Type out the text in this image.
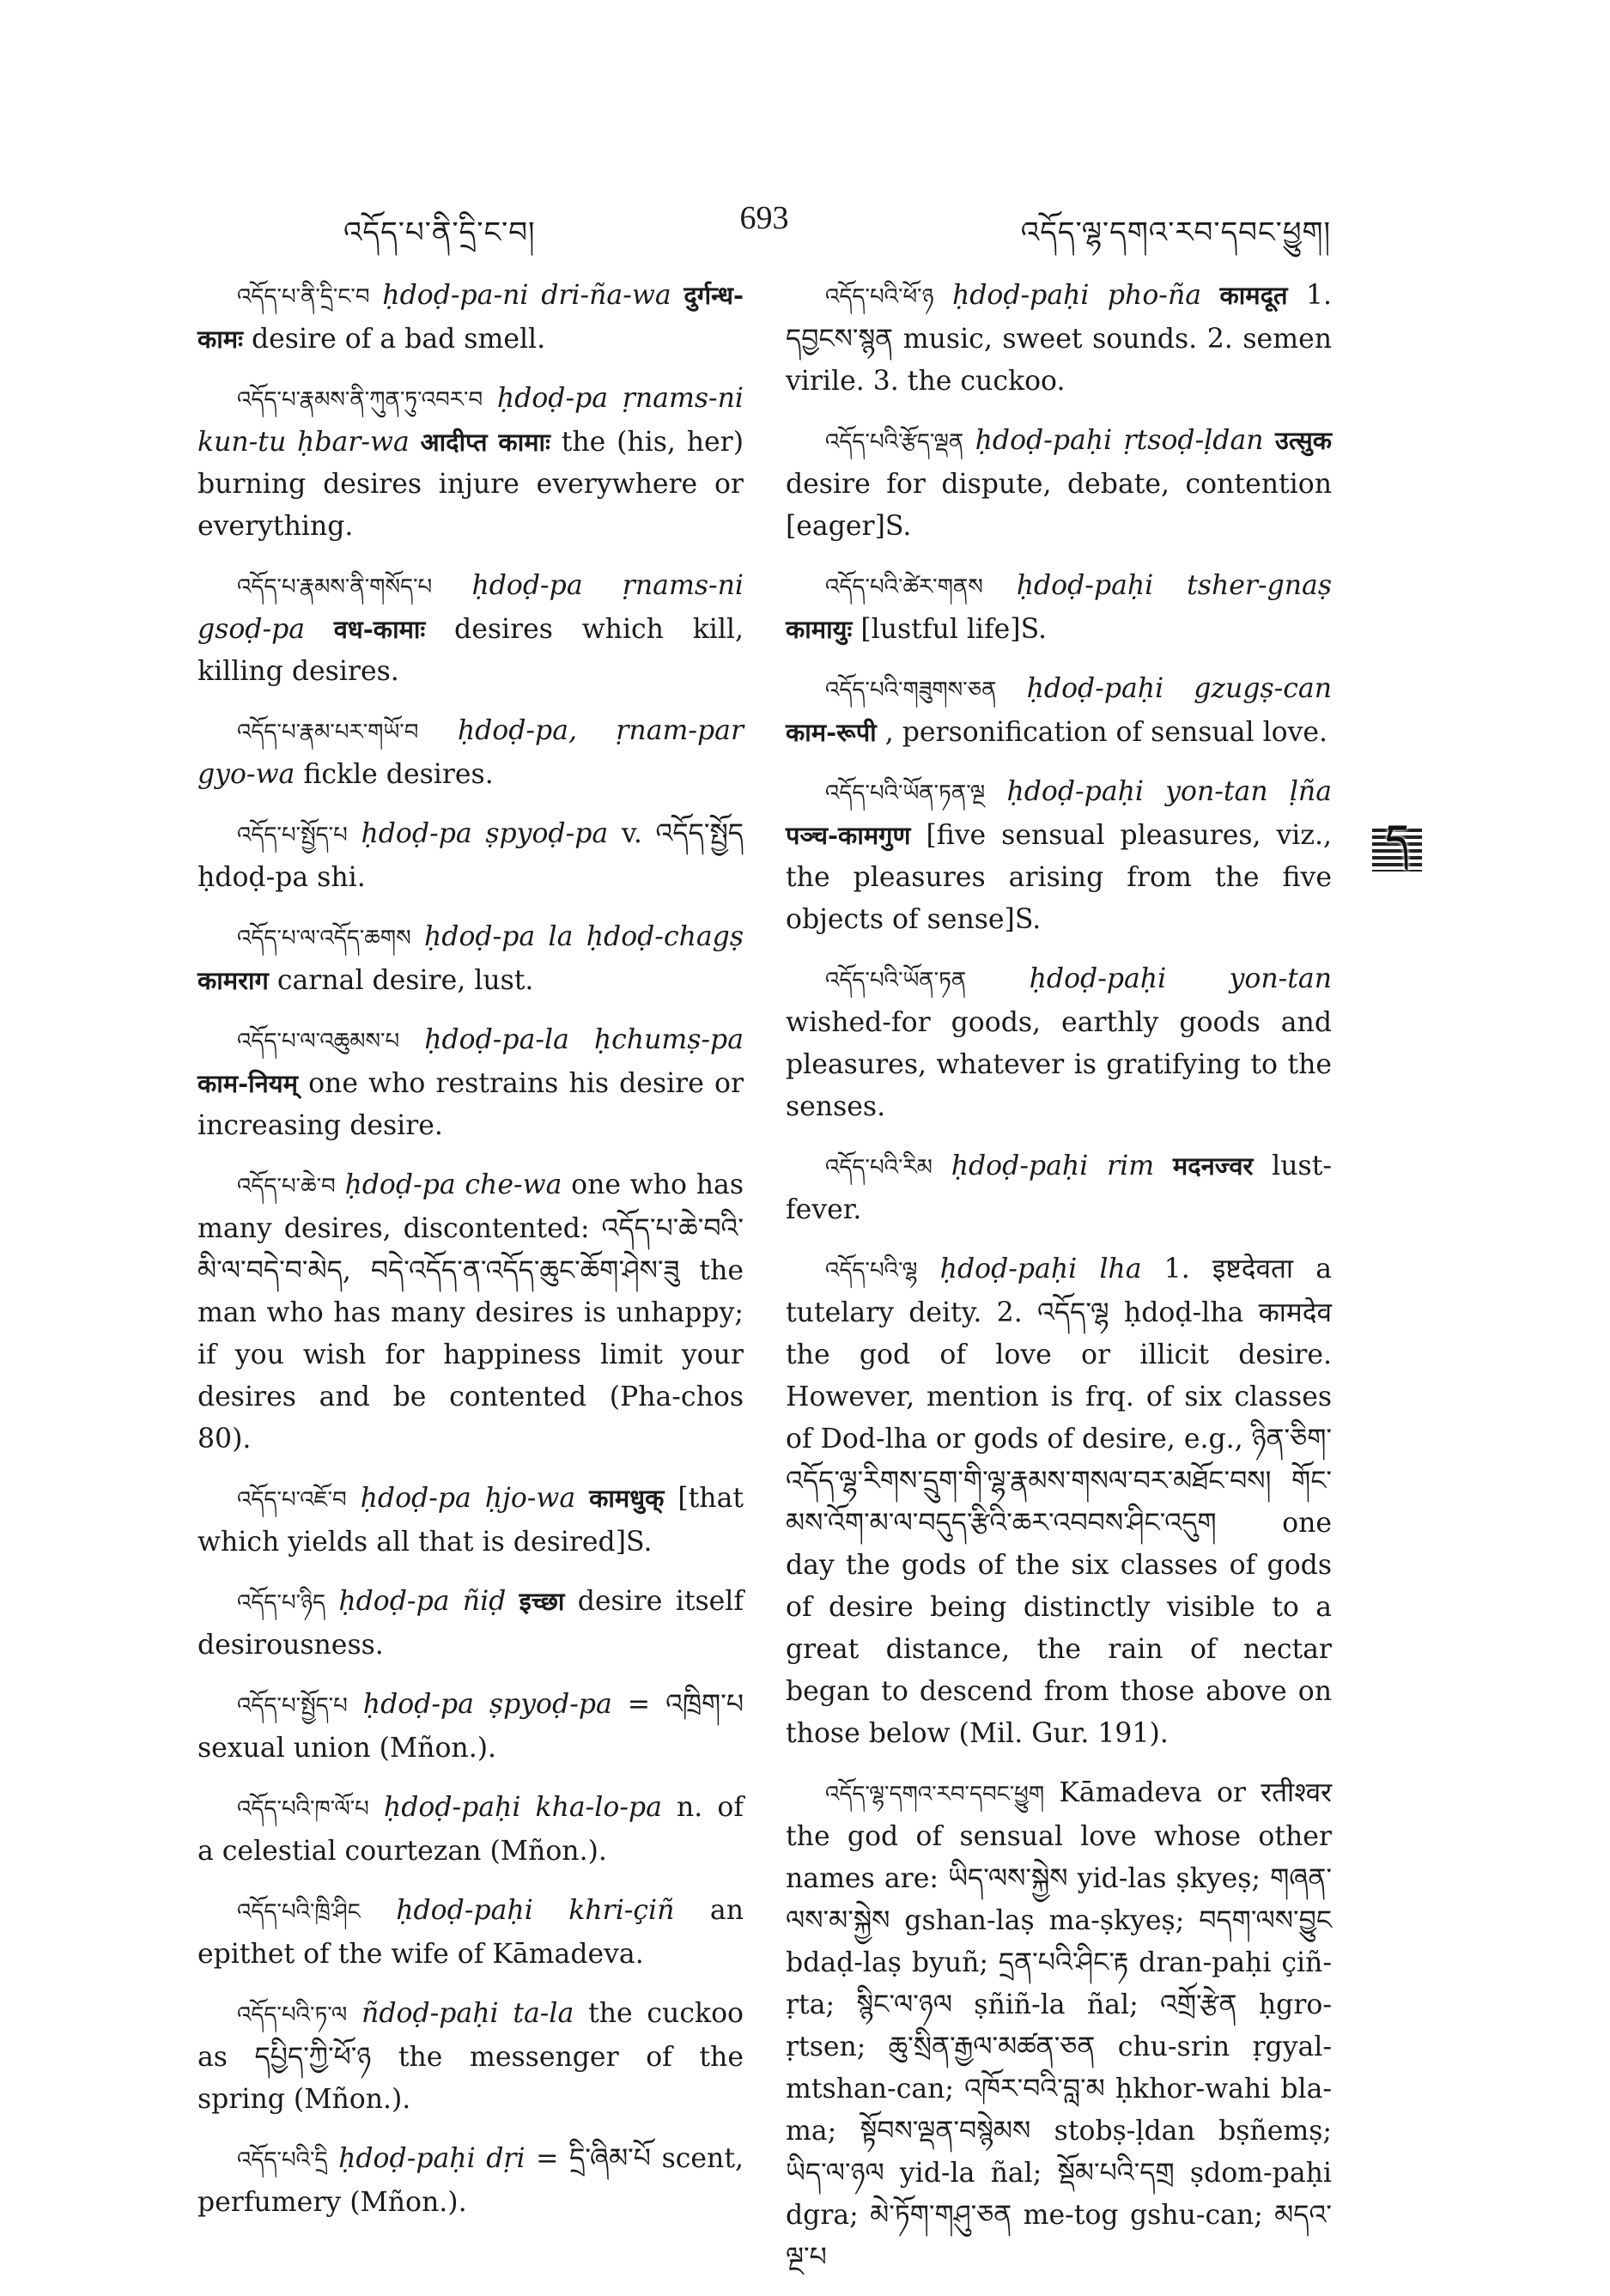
འདོད་པ་ནི་དྲི་ང་བ།	693	འདོད་ལྷ་དགའ་རབ་དབང་ཕྱུག།

འདོད་པ་ནི་དྲི་ང་བ ḥdoḍ-pa-ni dri-ña-wa दुर्गन्ध-कामः desire of a bad smell.

འདོད་པ་རྣམས་ནི་ཀུན་ཏུ་འབར་བ ḥdoḍ-pa ṛnams-ni kun-tu ḥbar-wa आदीप्त कामाः the (his, her) burning desires injure everywhere or everything.

འདོད་པ་རྣམས་ནི་གསོད་པ ḥdoḍ-pa ṛnams-ni gsoḍ-pa वध-कामाः desires which kill, killing desires.

འདོད་པ་རྣམ་པར་གཡོ་བ ḥdoḍ-pa, ṛnam-par gyo-wa fickle desires.

འདོད་པ་སྤྱོད་པ ḥdoḍ-pa ṣpyoḍ-pa v. འདོད་སྤྱོད ḥdoḍ-pa shi.

འདོད་པ་ལ་འདོད་ཆགས ḥdoḍ-pa la ḥdoḍ-chagṣ कामराग carnal desire, lust.

འདོད་པ་ལ་འཆུམས་པ ḥdoḍ-pa-la ḥchumṣ-pa काम-नियम् one who restrains his desire or increasing desire.

འདོད་པ་ཆེ་བ ḥdoḍ-pa che-wa one who has many desires, discontented: འདོད་པ་ཆེ་བའི་མི་ལ་བདེ་བ་མེད, བདེ་འདོད་ན་འདོད་ཆུང་ཆོག་ཤེས་ཟུ the man who has many desires is unhappy; if you wish for happiness limit your desires and be contented (Pha-chos 80).

འདོད་པ་འཇོ་བ ḥdoḍ-pa ḥjo-wa कामधुक् [that which yields all that is desired]S.

འདོད་པ་ཉིད ḥdoḍ-pa ñiḍ इच्छा desire itself desirousness.

འདོད་པ་སྤྱོད་པ ḥdoḍ-pa ṣpyoḍ-pa = འཁྲིག་པ sexual union (Mñon.).

འདོད་པའི་ཁ་ལོ་པ ḥdoḍ-paḥi kha-lo-pa n. of a celestial courtezan (Mñon.).

འདོད་པའི་ཁྲི་ཤིང ḥdoḍ-paḥi khri-çiñ an epithet of the wife of Kāmadeva.

འདོད་པའི་ཏ་ལ ñdoḍ-paḥi ta-la the cuckoo as དཔྱིད་ཀྱི་ཕོ་ཉ the messenger of the spring (Mñon.).

འདོད་པའི་དྲི ḥdoḍ-paḥi dṛi = དྲི་ཞིམ་པོ scent, perfumery (Mñon.).

འདོད་པའི་ཕོ་ཉ ḥdoḍ-paḥi pho-ña कामदूत 1. དབྱངས་སྙན music, sweet sounds. 2. semen virile. 3. the cuckoo.

འདོད་པའི་རྩོད་ལྡན ḥdoḍ-paḥi ṛtsoḍ-ḷdan उत्सुक desire for dispute, debate, contention [eager]S.

འདོད་པའི་ཚེར་གནས ḥdoḍ-paḥi tsher-gnaṣ कामायुः [lustful life]S.

འདོད་པའི་གཟུགས་ཅན ḥdoḍ-paḥi gzugṣ-can काम-रूपी , personification of sensual love.

འདོད་པའི་ཡོན་ཏན་ལྔ ḥdoḍ-paḥi yon-tan ḷña पञ्च-कामगुण [five sensual pleasures, viz., the pleasures arising from the five objects of sense]S.

འདོད་པའི་ཡོན་ཏན ḥdoḍ-paḥi yon-tan wished-for goods, earthly goods and pleasures, whatever is gratifying to the senses.

འདོད་པའི་རིམ ḥdoḍ-paḥi rim मदनज्वर lust-fever.

འདོད་པའི་ལྷ ḥdoḍ-paḥi lha 1. इष्टदेवता a tutelary deity. 2. འདོད་ལྷ ḥdoḍ-lha कामदेव the god of love or illicit desire. However, mention is frq. of six classes of Dod-lha or gods of desire, e.g., ཉིན་ཅིག་འདོད་ལྷ་རིགས་དྲུག་གི་ལྷ་རྣམས་གསལ་བར་མཐོང་བས། གོང་མས་འོག་མ་ལ་བདུད་རྩིའི་ཆར་འབབས་ཤིང་འདུག one day the gods of the six classes of gods of desire being distinctly visible to a great distance, the rain of nectar began to descend from those above on those below (Mil. Gur. 191).

འདོད་ལྷ་དགའ་རབ་དབང་ཕྱུག Kāmadeva or रतीश्वर the god of sensual love whose other names are: ཡིད་ལས་སྐྱེས yid-las ṣkyeṣ; གཞན་ལས་མ་སྐྱེས gshan-laṣ ma-ṣkyeṣ; བདག་ལས་བྱུང bdaḍ-laṣ byuñ; དྲན་པའི་ཤིང་རྟ dran-paḥi çiñ-ṛta; སྙིང་ལ་ཉལ ṣñiñ-la ñal; འགྲོ་རྩེན ḥgro-ṛtsen; ཆུ་སྲིན་རྒྱལ་མཚན་ཅན chu-srin ṛgyal-mtshan-can; འཁོར་བའི་བླ་མ ḥkhor-wahi bla-ma; སྟོབས་ལྡན་བསྙེམས stobṣ-ḷdan bṣñemṣ; ཡིད་ལ་ཉལ yid-la ñal; སྡོམ་པའི་དགྲ ṣdom-paḥi dgra; མེ་ཏོག་གཤུ་ཅན me-tog gshu-can; མདའ་ལྔ་པ

ད
